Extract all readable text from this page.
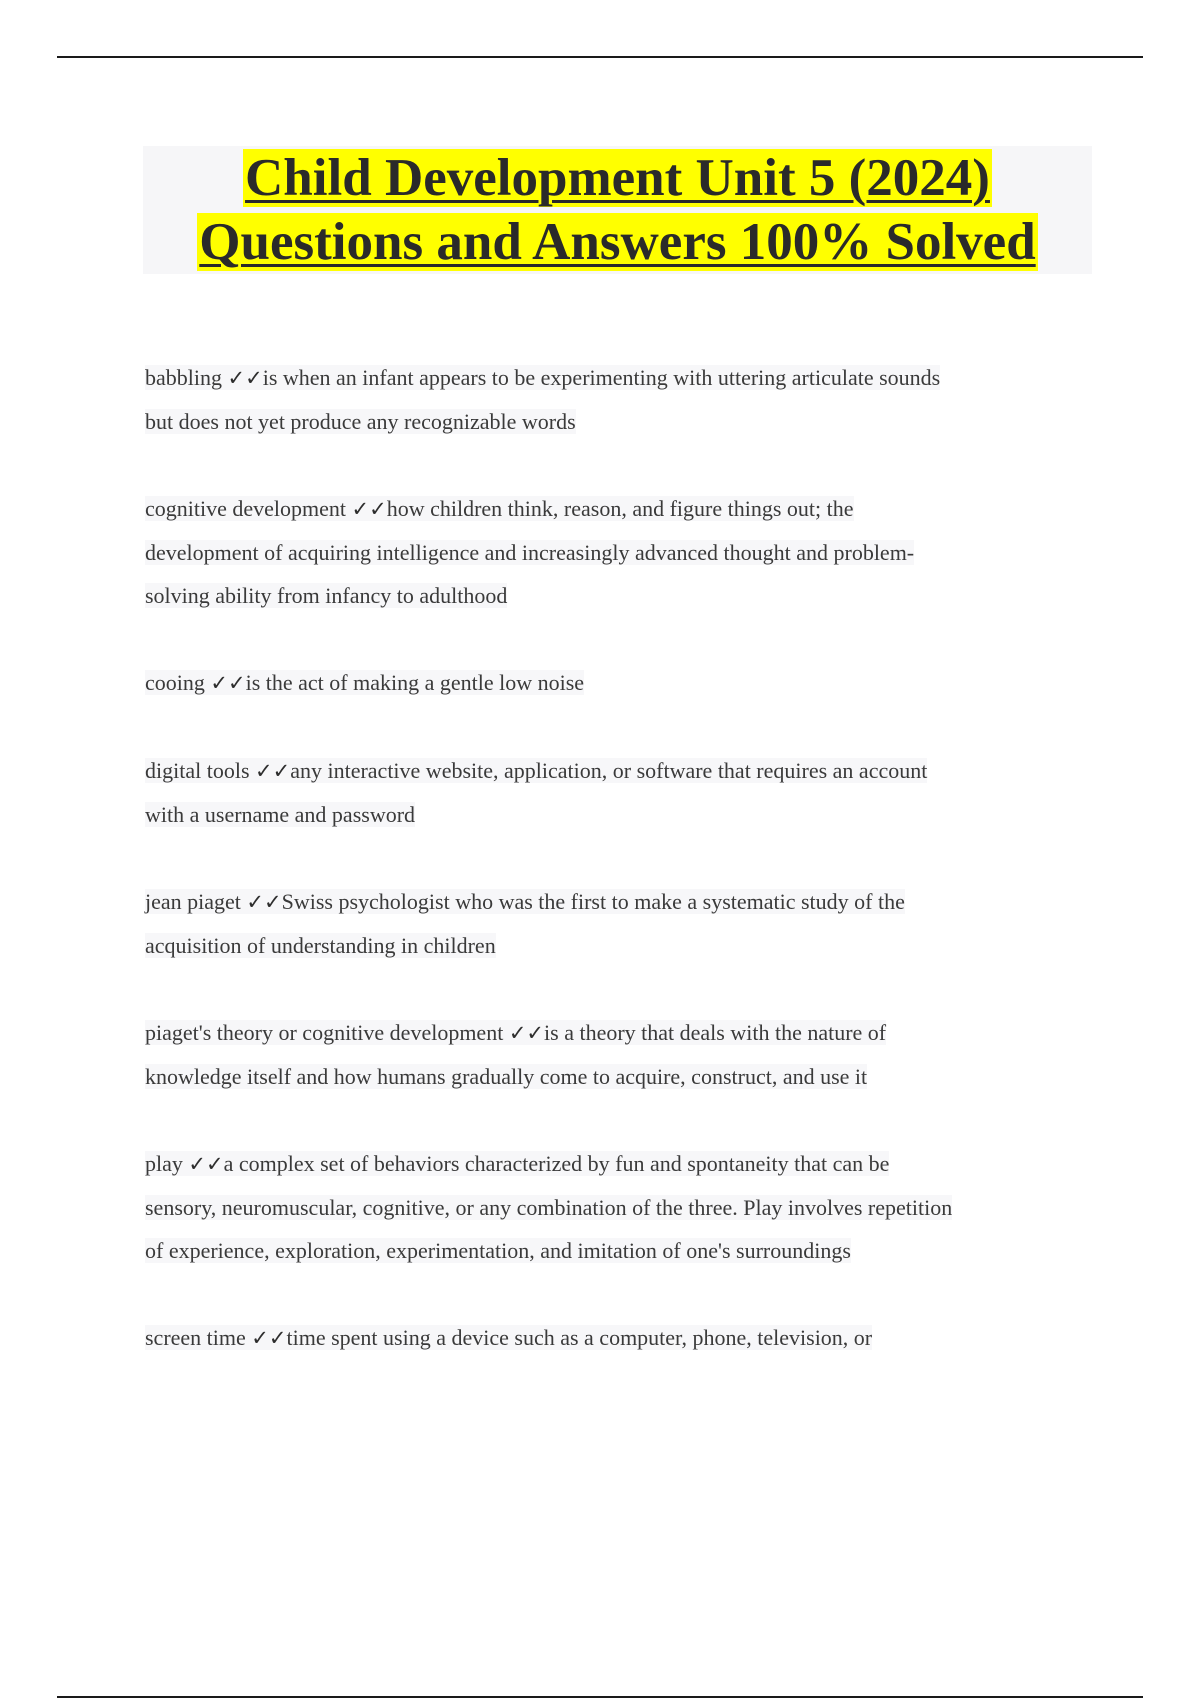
Child Development Unit 5 (2024)
Questions and Answers 100% Solved

babbling ✓✓is when an infant appears to be experimenting with uttering articulate sounds but does not yet produce any recognizable words

cognitive development ✓✓how children think, reason, and figure things out; the development of acquiring intelligence and increasingly advanced thought and problem-solving ability from infancy to adulthood

cooing ✓✓is the act of making a gentle low noise

digital tools ✓✓any interactive website, application, or software that requires an account with a username and password

jean piaget ✓✓Swiss psychologist who was the first to make a systematic study of the acquisition of understanding in children

piaget's theory or cognitive development ✓✓is a theory that deals with the nature of knowledge itself and how humans gradually come to acquire, construct, and use it

play ✓✓a complex set of behaviors characterized by fun and spontaneity that can be sensory, neuromuscular, cognitive, or any combination of the three. Play involves repetition of experience, exploration, experimentation, and imitation of one's surroundings

screen time ✓✓time spent using a device such as a computer, phone, television, or
